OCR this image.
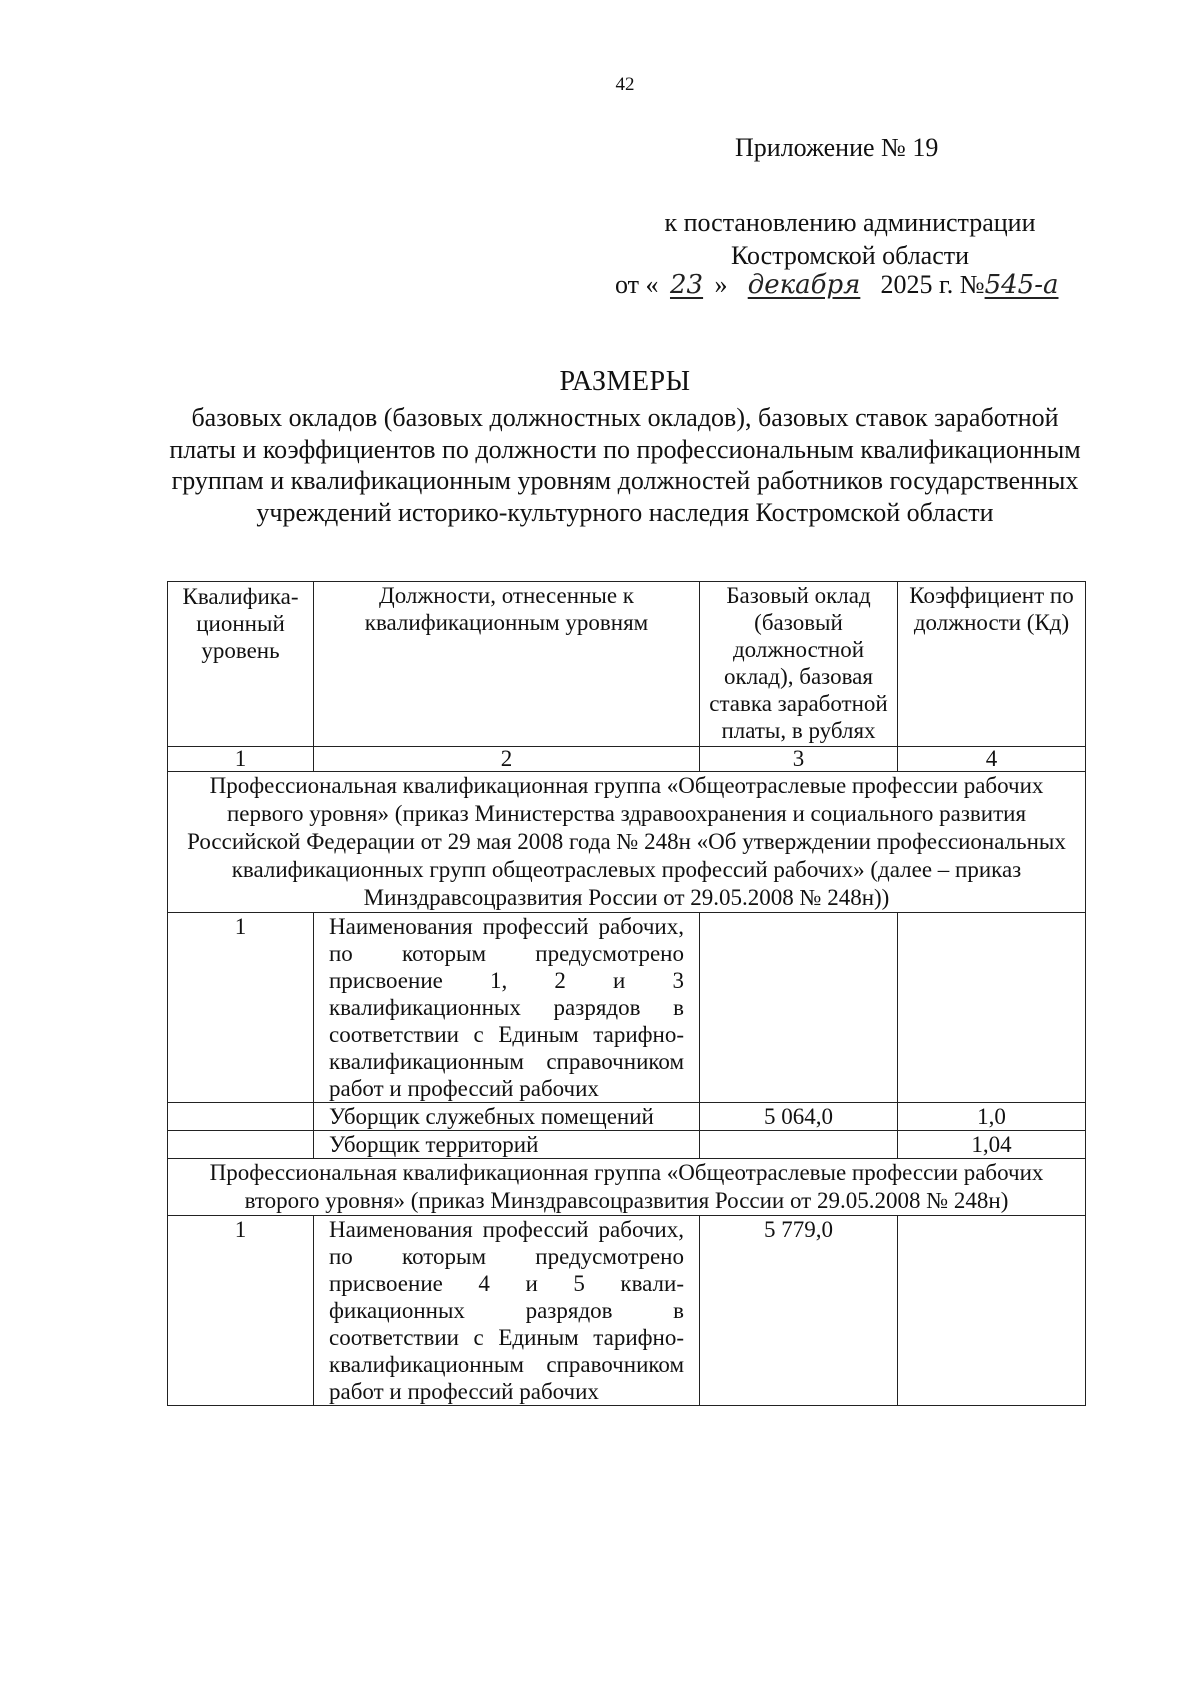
42
Приложение № 19
к постановлению администрации
Костромской области
от « 23 » декабря 2025 г. №545-а
РАЗМЕРЫ
базовых окладов (базовых должностных окладов), базовых ставок заработной платы и коэффициентов по должности по профессиональным квалификационным группам и квалификационным уровням должностей работников государственных учреждений историко-культурного наследия Костромской области
Квалифика-ционный уровень	Должности, отнесенные к квалификационным уровням	Базовый оклад (базовый должностной оклад), базовая ставка заработной платы, в рублях	Коэффициент по должности (Кд)
1	2	3	4
Профессиональная квалификационная группа «Общеотраслевые профессии рабочих первого уровня» (приказ Министерства здравоохранения и социального развития Российской Федерации от 29 мая 2008 года № 248н «Об утверждении профессиональных квалификационных групп общеотраслевых профессий рабочих» (далее – приказ Минздравсоцразвития России от 29.05.2008 № 248н))			
1	Наименования профессий рабочих, по которым предусмотрено присвоение 1, 2 и 3 квалификационных разрядов в соответствии с Единым тарифно-квалификационным справочником работ и профессий рабочих		
	Уборщик служебных помещений	5 064,0	1,0
	Уборщик территорий		1,04
Профессиональная квалификационная группа «Общеотраслевые профессии рабочих второго уровня» (приказ Минздравсоцразвития России от 29.05.2008 № 248н)			
1	Наименования профессий рабочих, по которым предусмотрено присвоение 4 и 5 квали-фикационных разрядов в соответствии с Единым тарифно-квалификационным справочником работ и профессий рабочих	5 779,0	
